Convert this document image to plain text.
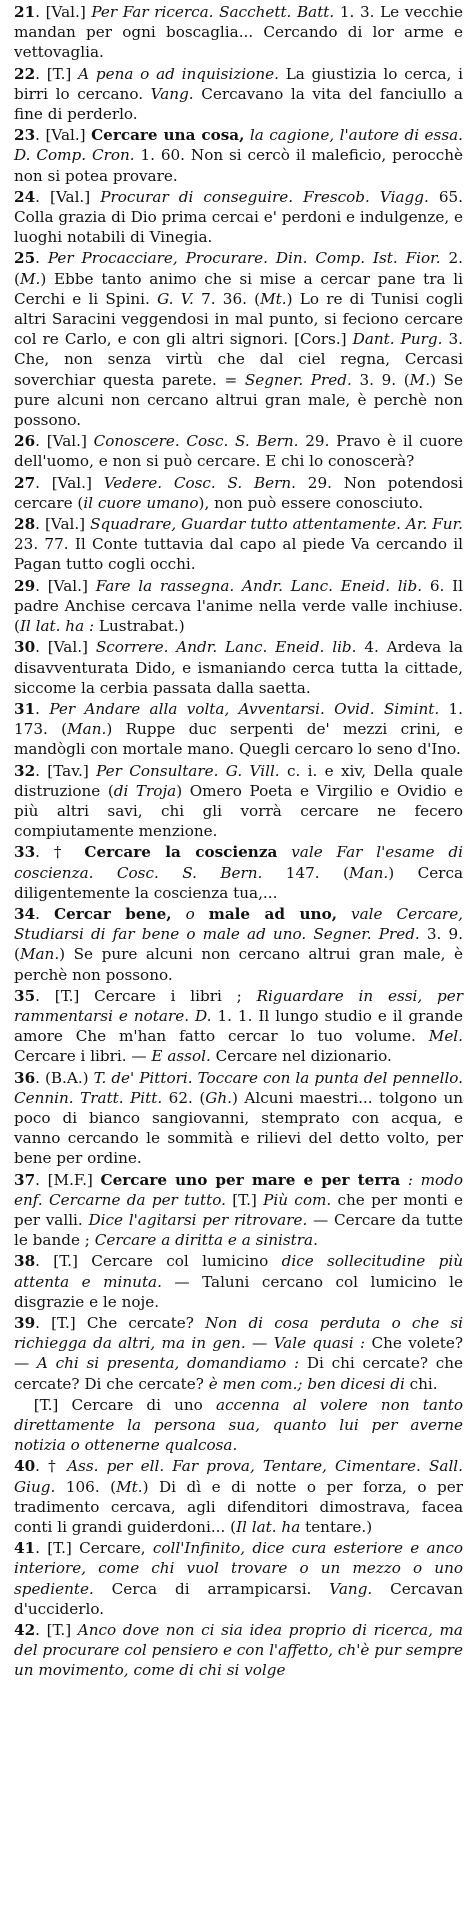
21. [Val.] Per Far ricerca. Sacchett. Batt. 1. 3. Le vecchie mandan per ogni boscaglia... Cercando di lor arme e vettovaglia.

22. [T.] A pena o ad inquisizione. La giustizia lo cerca, i birri lo cercano. Vang. Cercavano la vita del fanciullo a fine di perderlo.

23. [Val.] Cercare una cosa, la cagione, l'autore di essa. D. Comp. Cron. 1. 60. Non si cercò il maleficio, perocchè non si potea provare.

24. [Val.] Procurar di conseguire. Frescob. Viagg. 65. Colla grazia di Dio prima cercai e' perdoni e indulgenze, e luoghi notabili di Vinegia.

25. Per Procacciare, Procurare. Din. Comp. Ist. Fior. 2. (M.) Ebbe tanto animo che si mise a cercar pane tra li Cerchi e li Spini. G. V. 7. 36. (Mt.) Lo re di Tunisi cogli altri Saracini veggendosi in mal punto, si feciono cercare col re Carlo, e con gli altri signori. [Cors.] Dant. Purg. 3. Che, non senza virtù che dal ciel regna, Cercasi soverchiar questa parete. = Segner. Pred. 3. 9. (M.) Se pure alcuni non cercano altrui gran male, è perchè non possono.

26. [Val.] Conoscere. Cosc. S. Bern. 29. Pravo è il cuore dell'uomo, e non si può cercare. E chi lo conoscerà?

27. [Val.] Vedere. Cosc. S. Bern. 29. Non potendosi cercare (il cuore umano), non può essere conosciuto.

28. [Val.] Squadrare, Guardar tutto attentamente. Ar. Fur. 23. 77. Il Conte tuttavia dal capo al piede Va cercando il Pagan tutto cogli occhi.

29. [Val.] Fare la rassegna. Andr. Lanc. Eneid. lib. 6. Il padre Anchise cercava l'anime nella verde valle inchiuse. (Il lat. ha : Lustrabat.)

30. [Val.] Scorrere. Andr. Lanc. Eneid. lib. 4. Ardeva la disavventurata Dido, e ismaniando cerca tutta la cittade, siccome la cerbia passata dalla saetta.

31. Per Andare alla volta, Avventarsi. Ovid. Simint. 1. 173. (Man.) Ruppe duc serpenti de' mezzi crini, e mandògli con mortale mano. Quegli cercaro lo seno d'Ino.

32. [Tav.] Per Consultare. G. Vill. c. i. e xiv, Della quale distruzione (di Troja) Omero Poeta e Virgilio e Ovidio e più altri savi, chi gli vorrà cercare ne fecero compiutamente menzione.

33. † Cercare la coscienza vale Far l'esame di coscienza. Cosc. S. Bern. 147. (Man.) Cerca diligentemente la coscienza tua,...

34. Cercar bene, o male ad uno, vale Cercare, Studiarsi di far bene o male ad uno. Segner. Pred. 3. 9. (Man.) Se pure alcuni non cercano altrui gran male, è perchè non possono.

35. [T.] Cercare i libri ; Riguardare in essi, per rammentarsi e notare. D. 1. 1. Il lungo studio e il grande amore Che m'han fatto cercar lo tuo volume. Mel. Cercare i libri. — E assol. Cercare nel dizionario.

36. (B.A.) T. de' Pittori. Toccare con la punta del pennello. Cennin. Tratt. Pitt. 62. (Gh.) Alcuni maestri... tolgono un poco di bianco sangiovanni, stemprato con acqua, e vanno cercando le sommità e rilievi del detto volto, per bene per ordine.

37. [M.F.] Cercare uno per mare e per terra : modo enf. Cercarne da per tutto. [T.] Più com. che per monti e per valli. Dice l'agitarsi per ritrovare. — Cercare da tutte le bande ; Cercare a diritta e a sinistra.

38. [T.] Cercare col lumicino dice sollecitudine più attenta e minuta. — Taluni cercano col lumicino le disgrazie e le noje.

39. [T.] Che cercate? Non di cosa perduta o che si richiegga da altri, ma in gen. — Vale quasi : Che volete? — A chi si presenta, domandiamo : Di chi cercate? che cercate? Di che cercate? è men com.; ben dicesi di chi.

[T.] Cercare di uno accenna al volere non tanto direttamente la persona sua, quanto lui per averne notizia o ottenerne qualcosa.

40. † Ass. per ell. Far prova, Tentare, Cimentare. Sall. Giug. 106. (Mt.) Di dì e di notte o per forza, o per tradimento cercava, agli difenditori dimostrava, facea conti li grandi guiderdoni... (Il lat. ha tentare.)

41. [T.] Cercare, coll'Infinito, dice cura esteriore e anco interiore, come chi vuol trovare o un mezzo o uno spediente. Cerca di arrampicarsi. Vang. Cercavan d'ucciderlo.

42. [T.] Anco dove non ci sia idea proprio di ricerca, ma del procurare col pensiero e con l'affetto, ch'è pur sempre un movimento, come di chi si volge
